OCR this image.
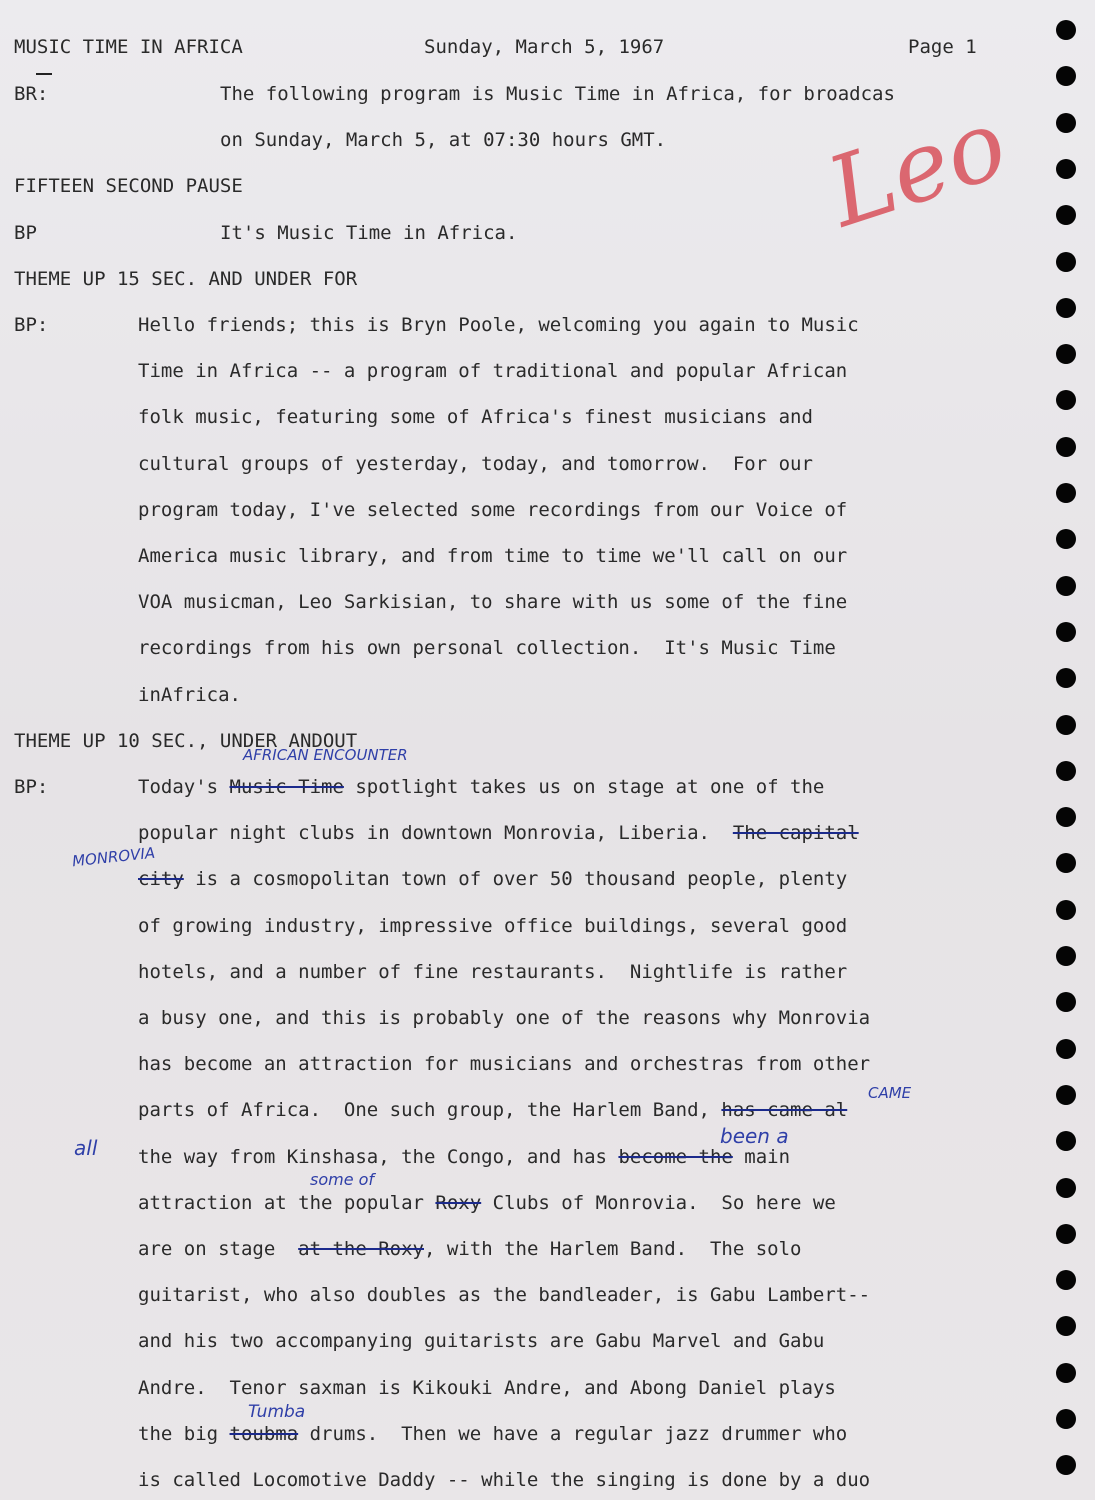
MUSIC TIME IN AFRICA

	Sunday, March 5, 1967

	Page 1

BR:	The following program is Music Time in Africa, for broadcas
on Sunday, March 5, at 07:30 hours GMT.
FIFTEEN SECOND PAUSE
BP	It's Music Time in Africa.
THEME UP 15 SEC. AND UNDER FOR
BP:	Hello friends; this is Bryn Poole, welcoming you again to Music
Time in Africa -- a program of traditional and popular African
folk music, featuring some of Africa's finest musicians and
cultural groups of yesterday, today, and tomorrow.  For our
program today, I've selected some recordings from our Voice of
America music library, and from time to time we'll call on our
VOA musicman, Leo Sarkisian, to share with us some of the fine
recordings from his own personal collection.  It's Music Time
inAfrica.
THEME UP 10 SEC., UNDER ANDOUT
BP:	Today's Music Time spotlight takes us on stage at one of the
popular night clubs in downtown Monrovia, Liberia.  The capital
city is a cosmopolitan town of over 50 thousand people, plenty
of growing industry, impressive office buildings, several good
hotels, and a number of fine restaurants.  Nightlife is rather
a busy one, and this is probably one of the reasons why Monrovia
has become an attraction for musicians and orchestras from other
parts of Africa.  One such group, the Harlem Band, has came al
the way from Kinshasa, the Congo, and has become the main
attraction at the popular Roxy Clubs of Monrovia.  So here we
are on stage  at the Roxy, with the Harlem Band.  The solo
guitarist, who also doubles as the bandleader, is Gabu Lambert--
and his two accompanying guitarists are Gabu Marvel and Gabu
Andre.  Tenor saxman is Kikouki Andre, and Abong Daniel plays
the big toubma drums.  Then we have a regular jazz drummer who
is called Locomotive Daddy -- while the singing is done by a duo
Leo
AFRICAN ENCOUNTER
MONROVIA
CAME
all	been a
some of
Tumba
